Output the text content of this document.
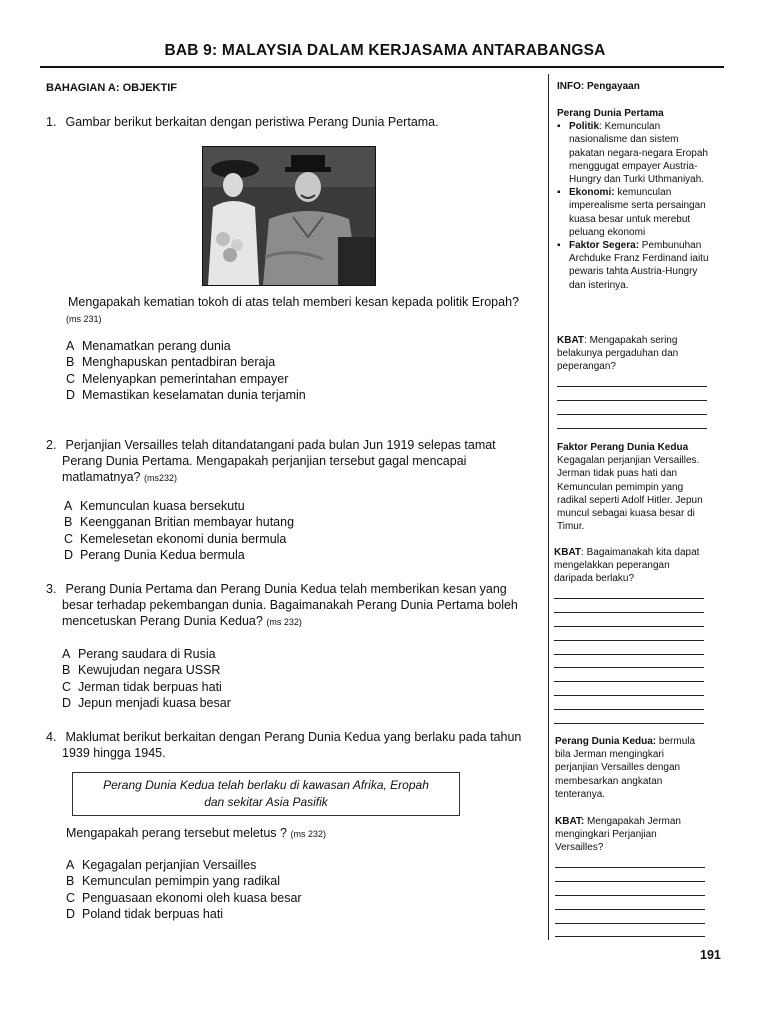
BAB 9: MALAYSIA DALAM KERJASAMA ANTARABANGSA
BAHAGIAN A: OBJEKTIF
1. Gambar berikut berkaitan dengan peristiwa Perang Dunia Pertama.
Mengapakah kematian tokoh di atas telah memberi kesan kepada politik Eropah?
(ms 231)
A Menamatkan perang dunia
B Menghapuskan pentadbiran beraja
C Melenyapkan pemerintahan empayer
D Memastikan keselamatan dunia terjamin
2. Perjanjian Versailles telah ditandatangani pada bulan Jun 1919 selepas tamat
Perang Dunia Pertama. Mengapakah perjanjian tersebut gagal mencapai
matlamatnya? (ms232)
A Kemunculan kuasa bersekutu
B Keengganan Britian membayar hutang
C Kemelesetan ekonomi dunia bermula
D Perang Dunia Kedua bermula
3. Perang Dunia Pertama dan Perang Dunia Kedua telah memberikan kesan yang
besar terhadap pekembangan dunia. Bagaimanakah Perang Dunia Pertama boleh
mencetuskan Perang Dunia Kedua? (ms 232)
A Perang saudara di Rusia
B Kewujudan negara USSR
C Jerman tidak berpuas hati
D Jepun menjadi kuasa besar
4. Maklumat berikut berkaitan dengan Perang Dunia Kedua yang berlaku pada tahun
1939 hingga 1945.
Perang Dunia Kedua telah berlaku di kawasan Afrika, Eropah
dan sekitar Asia Pasifik
Mengapakah perang tersebut meletus ? (ms 232)
A Kegagalan perjanjian Versailles
B Kemunculan pemimpin yang radikal
C Penguasaan ekonomi oleh kuasa besar
D Poland tidak berpuas hati
INFO: Pengayaan
Perang Dunia Pertama
▪ Politik: Kemunculan nasionalisme dan sistem pakatan negara-negara Eropah menggugat empayer Austria-Hungry dan Turki Uthmaniyah.
▪ Ekonomi: kemunculan imperealisme serta persaingan kuasa besar untuk merebut peluang ekonomi
▪ Faktor Segera: Pembunuhan Archduke Franz Ferdinand iaitu pewaris tahta Austria-Hungry dan isterinya.
KBAT: Mengapakah sering belakunya pergaduhan dan peperangan?
Faktor Perang Dunia Kedua
Kegagalan perjanjian Versailles. Jerman tidak puas hati dan Kemunculan pemimpin yang radikal seperti Adolf Hitler. Jepun muncul sebagai kuasa besar di Timur.
KBAT: Bagaimanakah kita dapat mengelakkan peperangan daripada berlaku?
Perang Dunia Kedua: bermula bila Jerman mengingkari perjanjian Versailles dengan membesarkan angkatan tenteranya.
KBAT: Mengapakah Jerman mengingkari Perjanjian Versailles?
191
